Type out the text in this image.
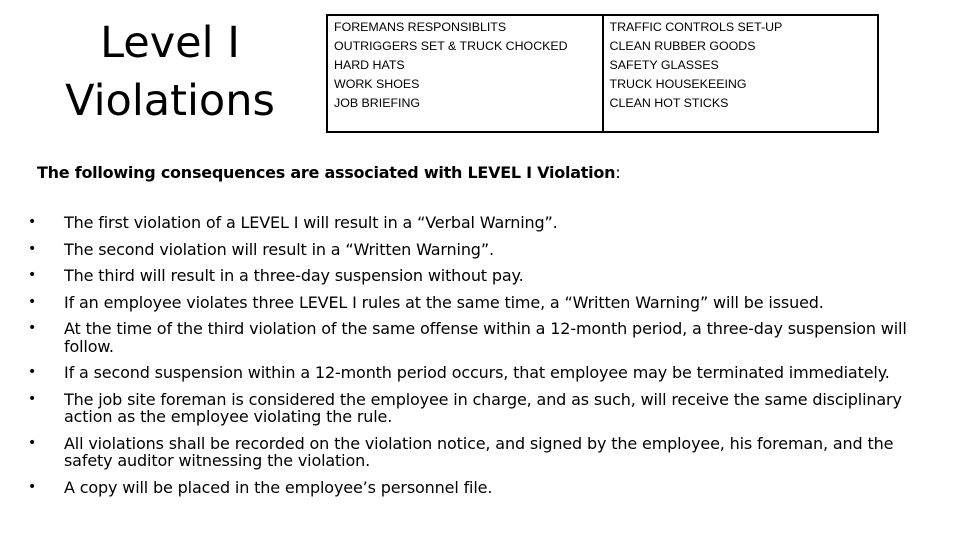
Level I
Violations
FOREMANS RESPONSIBLITS
OUTRIGGERS SET & TRUCK CHOCKED
HARD HATS
WORK SHOES
JOB BRIEFING

TRAFFIC CONTROLS SET-UP
CLEAN RUBBER GOODS
SAFETY GLASSES
TRUCK HOUSEKEEING
CLEAN HOT STICKS

The following consequences are associated with LEVEL I Violation:

• The first violation of a LEVEL I will result in a “Verbal Warning”.
• The second violation will result in a “Written Warning”.
• The third will result in a three-day suspension without pay.
• If an employee violates three LEVEL I rules at the same time, a “Written Warning” will be issued.
• At the time of the third violation of the same offense within a 12-month period, a three-day suspension will follow.
• If a second suspension within a 12-month period occurs, that employee may be terminated immediately.
• The job site foreman is considered the employee in charge, and as such, will receive the same disciplinary action as the employee violating the rule.
• All violations shall be recorded on the violation notice, and signed by the employee, his foreman, and the safety auditor witnessing the violation.
• A copy will be placed in the employee’s personnel file.
